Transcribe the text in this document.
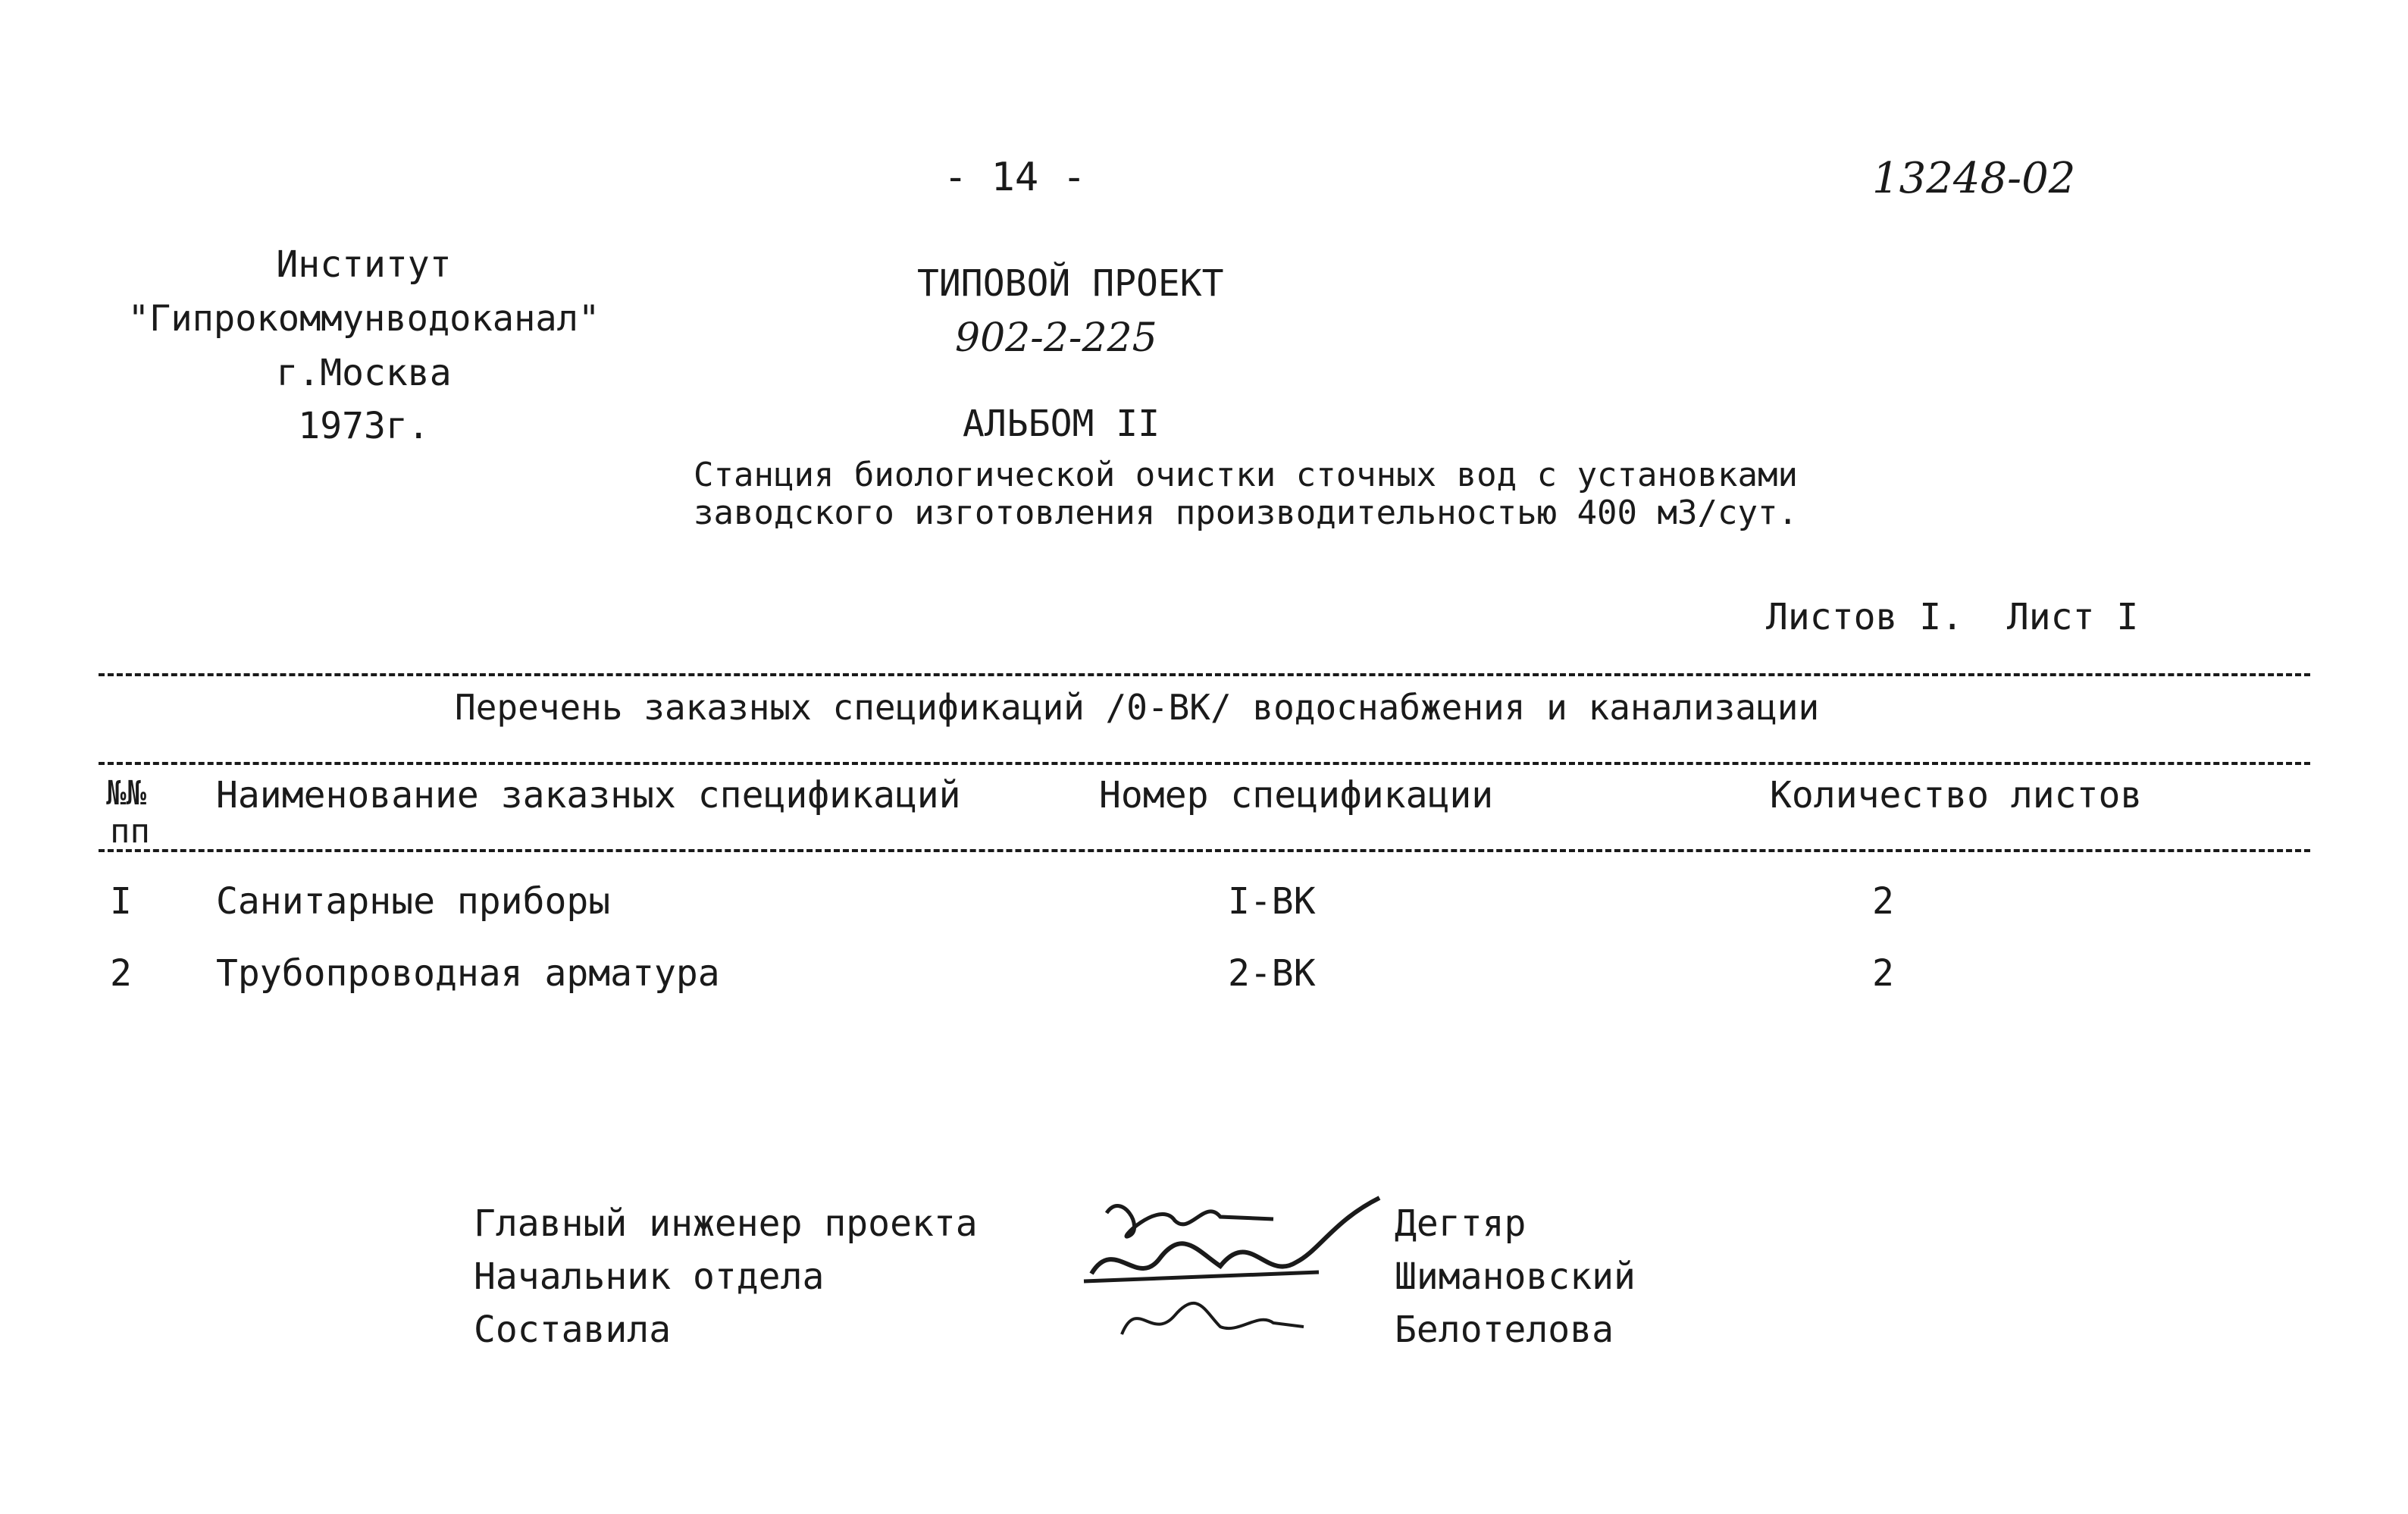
- 14 -	13248-02
Институт
"Гипрокоммунводоканал"
г.Москва
1973г.
ТИПОВОЙ ПРОЕКТ
902-2-225
АЛЬБОМ II
Станция биологической очистки сточных вод с установками
заводского изготовления производительностью 400 м3/сут.
Листов I.  Лист I
Перечень заказных спецификаций /0-ВК/ водоснабжения и канализации
№№
пп
Наименование заказных спецификаций	Номер спецификации	Количество листов
I Санитарные приборы	I-ВК	2
2 Трубопроводная арматура	2-ВК	2
Главный инженер проекта
Начальник отдела
Составила
Дегтяр
Шимановский
Белотелова
